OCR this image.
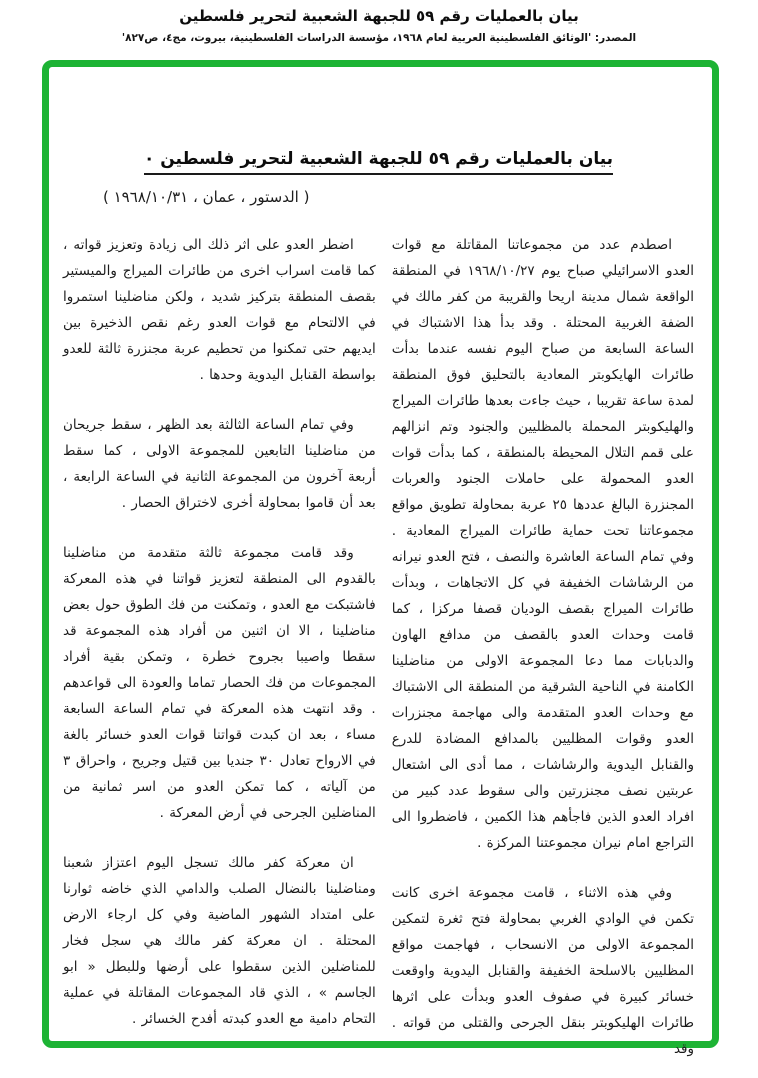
بيان بالعمليات رقم ٥٩ للجبهة الشعبية لتحرير فلسطين
المصدر: 'الوثائق الفلسطينية العربية لعام ١٩٦٨، مؤسسة الدراسات الفلسطينية، بيروت، مج٤، ص٨٢٧'
بيان بالعمليات رقم ٥٩ للجبهة الشعبية لتحرير فلسطين ٠
( الدستور ، عمان ، ١٩٦٨/١٠/٣١ )

اصطدم عدد من مجموعاتنا المقاتلة مع قوات العدو الاسرائيلي صباح يوم ١٩٦٨/١٠/٢٧ في المنطقة الواقعة شمال مدينة اريحا والقريبة من كفر مالك في الضفة الغربية المحتلة . وقد بدأ هذا الاشتباك في الساعة السابعة من صباح اليوم نفسه عندما بدأت طائرات الهايكوبتر المعادية بالتحليق فوق المنطقة لمدة ساعة تقريبا ، حيث جاءت بعدها طائرات الميراج والهليكوبتر المحملة بالمظليين والجنود وتم انزالهم على قمم التلال المحيطة بالمنطقة ، كما بدأت قوات العدو المحمولة على حاملات الجنود والعربات المجنزرة البالغ عددها ٢٥ عربة بمحاولة تطويق مواقع مجموعاتنا تحت حماية طائرات الميراج المعادية . وفي تمام الساعة العاشرة والنصف ، فتح العدو نيرانه من الرشاشات الخفيفة في كل الاتجاهات ، وبدأت طائرات الميراج بقصف الوديان قصفا مركزا ، كما قامت وحدات العدو بالقصف من مدافع الهاون والدبابات مما دعا المجموعة الاولى من مناضلينا الكامنة في الناحية الشرقية من المنطقة الى الاشتباك مع وحدات العدو المتقدمة والى مهاجمة مجنزرات العدو وقوات المظليين بالمدافع المضادة للدرع والقنابل اليدوية والرشاشات ، مما أدى الى اشتعال عربتين نصف مجنزرتين والى سقوط عدد كبير من افراد العدو الذين فاجأهم هذا الكمين ، فاضطروا الى التراجع امام نيران مجموعتنا المركزة .

وفي هذه الاثناء ، قامت مجموعة اخرى كانت تكمن في الوادي الغربي بمحاولة فتح ثغرة لتمكين المجموعة الاولى من الانسحاب ، فهاجمت مواقع المظليين بالاسلحة الخفيفة والقنابل اليدوية واوقعت خسائر كبيرة في صفوف العدو وبدأت على اثرها طائرات الهليكوبتر بنقل الجرحى والقتلى من قواته . وقد

اضطر العدو على اثر ذلك الى زيادة وتعزيز قواته ، كما قامت اسراب اخرى من طائرات الميراج والميستير بقصف المنطقة بتركيز شديد ، ولكن مناضلينا استمروا في الالتحام مع قوات العدو رغم نقص الذخيرة بين ايديهم حتى تمكنوا من تحطيم عربة مجنزرة ثالثة للعدو بواسطة القنابل اليدوية وحدها .

وفي تمام الساعة الثالثة بعد الظهر ، سقط جريحان من مناضلينا التابعين للمجموعة الاولى ، كما سقط أربعة آخرون من المجموعة الثانية في الساعة الرابعة ، بعد أن قاموا بمحاولة أخرى لاختراق الحصار .

وقد قامت مجموعة ثالثة متقدمة من مناضلينا بالقدوم الى المنطقة لتعزيز قواتنا في هذه المعركة فاشتبكت مع العدو ، وتمكنت من فك الطوق حول بعض مناضلينا ، الا ان اثنين من أفراد هذه المجموعة قد سقطا واصيبا بجروح خطرة ، وتمكن بقية أفراد المجموعات من فك الحصار تماما والعودة الى قواعدهم . وقد انتهت هذه المعركة في تمام الساعة السابعة مساء ، بعد ان كبدت قواتنا قوات العدو خسائر بالغة في الارواح تعادل ٣٠ جنديا بين قتيل وجريح ، واحراق ٣ من آلياته ، كما تمكن العدو من اسر ثمانية من المناضلين الجرحى في أرض المعركة .

ان معركة كفر مالك تسجل اليوم اعتزاز شعبنا ومناضلينا بالنضال الصلب والدامي الذي خاضه ثوارنا على امتداد الشهور الماضية وفي كل ارجاء الارض المحتلة . ان معركة كفر مالك هي سجل فخار للمناضلين الذين سقطوا على أرضها وللبطل « ابو الجاسم » ، الذي قاد المجموعات المقاتلة في عملية التحام دامية مع العدو كبدته أفدح الخسائر .
